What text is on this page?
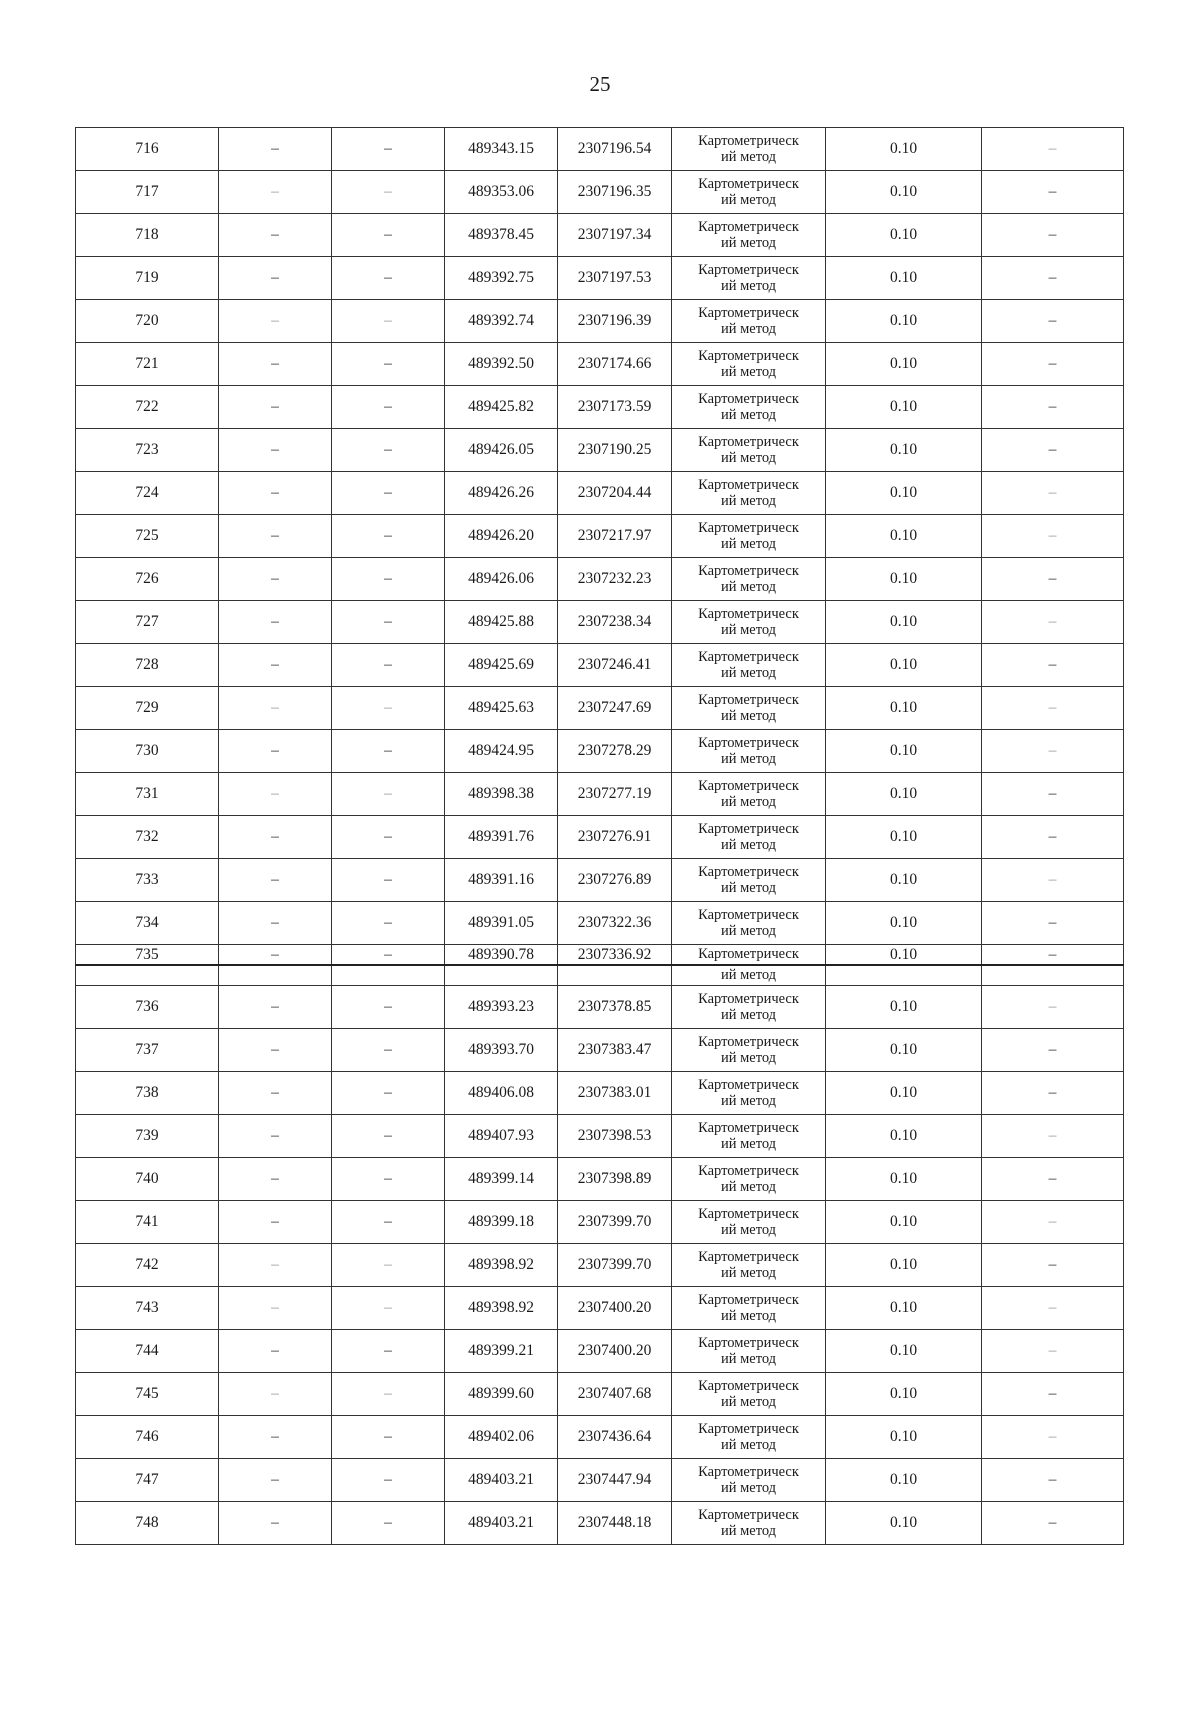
25
716	–	–	489343.15	2307196.54	Картометрическ
ий метод	0.10	–
717	–	–	489353.06	2307196.35	Картометрическ
ий метод	0.10	–
718	–	–	489378.45	2307197.34	Картометрическ
ий метод	0.10	–
719	–	–	489392.75	2307197.53	Картометрическ
ий метод	0.10	–
720	–	–	489392.74	2307196.39	Картометрическ
ий метод	0.10	–
721	–	–	489392.50	2307174.66	Картометрическ
ий метод	0.10	–
722	–	–	489425.82	2307173.59	Картометрическ
ий метод	0.10	–
723	–	–	489426.05	2307190.25	Картометрическ
ий метод	0.10	–
724	–	–	489426.26	2307204.44	Картометрическ
ий метод	0.10	–
725	–	–	489426.20	2307217.97	Картометрическ
ий метод	0.10	–
726	–	–	489426.06	2307232.23	Картометрическ
ий метод	0.10	–
727	–	–	489425.88	2307238.34	Картометрическ
ий метод	0.10	–
728	–	–	489425.69	2307246.41	Картометрическ
ий метод	0.10	–
729	–	–	489425.63	2307247.69	Картометрическ
ий метод	0.10	–
730	–	–	489424.95	2307278.29	Картометрическ
ий метод	0.10	–
731	–	–	489398.38	2307277.19	Картометрическ
ий метод	0.10	–
732	–	–	489391.76	2307276.91	Картометрическ
ий метод	0.10	–
733	–	–	489391.16	2307276.89	Картометрическ
ий метод	0.10	–
734	–	–	489391.05	2307322.36	Картометрическ
ий метод	0.10	–
735	–	–	489390.78	2307336.92	Картометрическ	0.10	–
					ий метод		
736	–	–	489393.23	2307378.85	Картометрическ
ий метод	0.10	–
737	–	–	489393.70	2307383.47	Картометрическ
ий метод	0.10	–
738	–	–	489406.08	2307383.01	Картометрическ
ий метод	0.10	–
739	–	–	489407.93	2307398.53	Картометрическ
ий метод	0.10	–
740	–	–	489399.14	2307398.89	Картометрическ
ий метод	0.10	–
741	–	–	489399.18	2307399.70	Картометрическ
ий метод	0.10	–
742	–	–	489398.92	2307399.70	Картометрическ
ий метод	0.10	–
743	–	–	489398.92	2307400.20	Картометрическ
ий метод	0.10	–
744	–	–	489399.21	2307400.20	Картометрическ
ий метод	0.10	–
745	–	–	489399.60	2307407.68	Картометрическ
ий метод	0.10	–
746	–	–	489402.06	2307436.64	Картометрическ
ий метод	0.10	–
747	–	–	489403.21	2307447.94	Картометрическ
ий метод	0.10	–
748	–	–	489403.21	2307448.18	Картометрическ
ий метод	0.10	–
